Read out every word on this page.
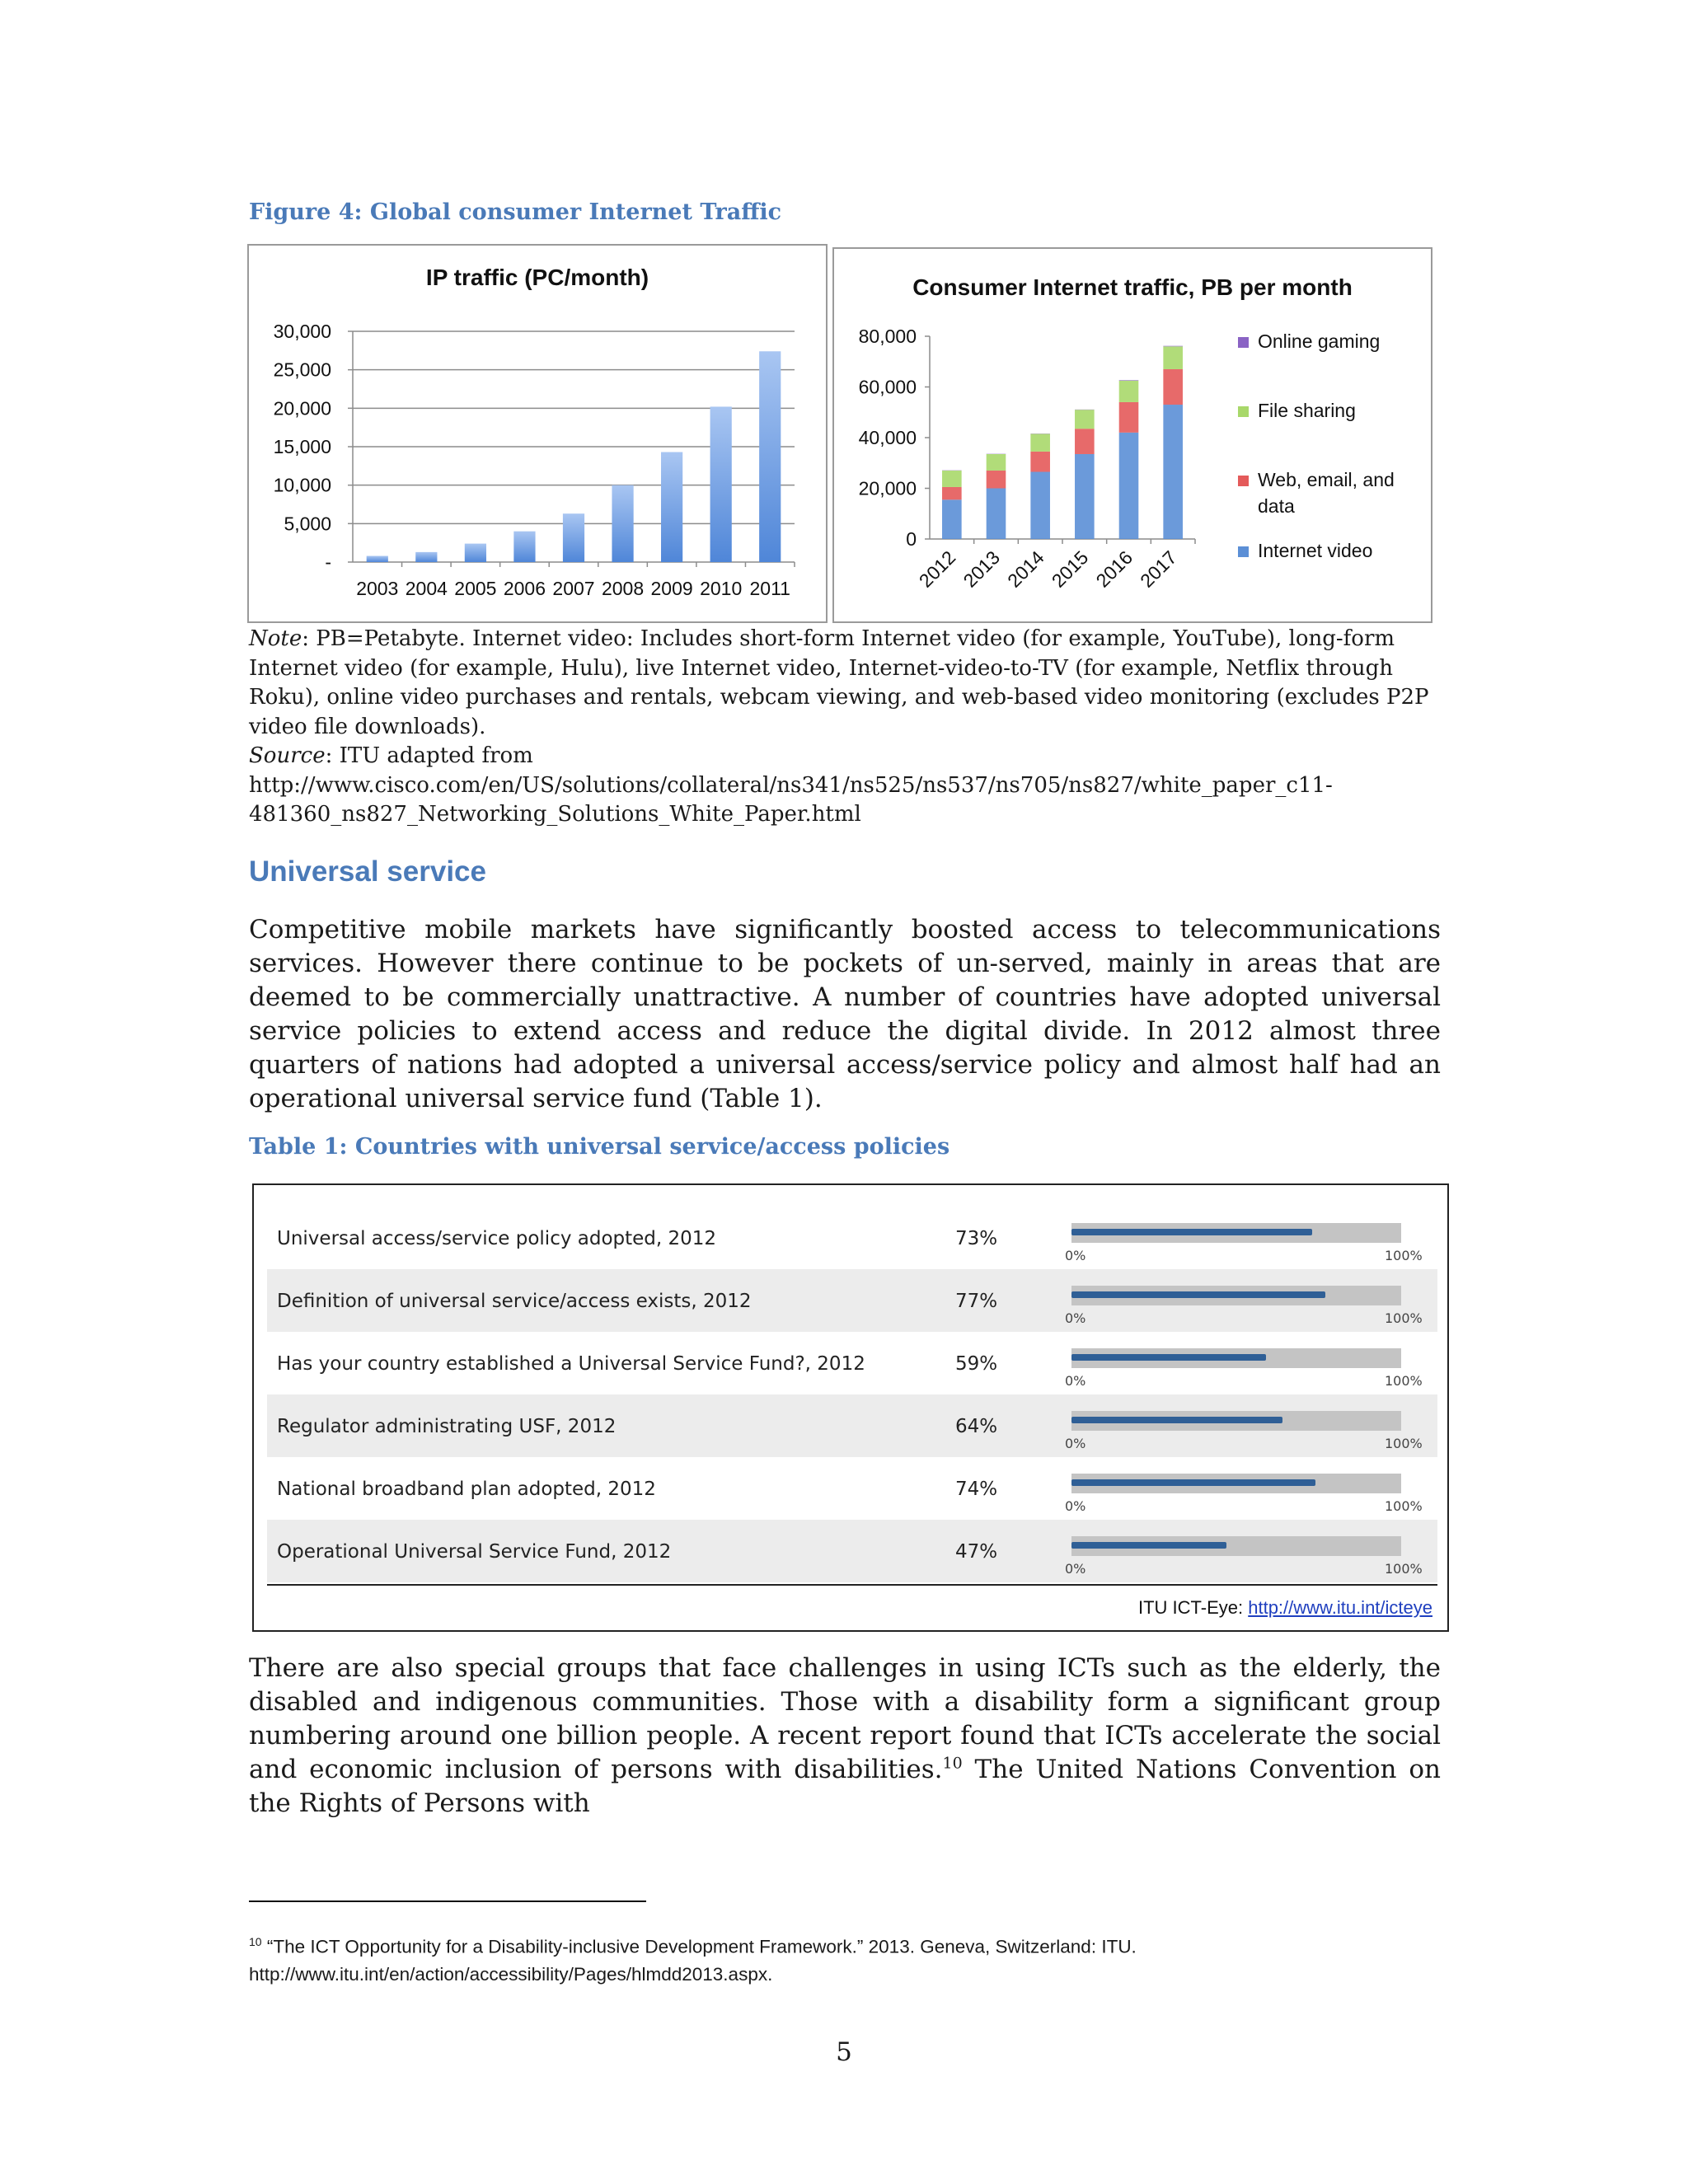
Figure 4: Global consumer Internet Traffic
IP traffic (PC/month)
-
5,000
10,000
15,000
20,000
25,000
30,000
2003 2004 2005 2006 2007 2008 2009 2010 2011
Consumer Internet traffic, PB per month
0
20,000
40,000
60,000
80,000
2012 2013 2014 2015 2016 2017
Online gaming
File sharing
Web, email, and data
Internet video

Note: PB=Petabyte. Internet video: Includes short-form Internet video (for example, YouTube), long-form Internet video (for example, Hulu), live Internet video, Internet-video-to-TV (for example, Netflix through Roku), online video purchases and rentals, webcam viewing, and web-based video monitoring (excludes P2P video file downloads).

Source: ITU adapted from

http://www.cisco.com/en/US/solutions/collateral/ns341/ns525/ns537/ns705/ns827/white_paper_c11-

481360_ns827_Networking_Solutions_White_Paper.html

Universal service

Competitive mobile markets have significantly boosted access to telecommunications services. However there continue to be pockets of un-served, mainly in areas that are deemed to be commercially unattractive. A number of countries have adopted universal service policies to extend access and reduce the digital divide. In 2012 almost three quarters of nations had adopted a universal access/service policy and almost half had an operational universal service fund (Table 1).

Table 1: Countries with universal service/access policies
Universal access/service policy adopted, 2012	73%
0%	100%
Definition of universal service/access exists, 2012	77%
0%	100%
Has your country established a Universal Service Fund?, 2012	59%
0%	100%
Regulator administrating USF, 2012	64%
0%	100%
National broadband plan adopted, 2012	74%
0%	100%
Operational Universal Service Fund, 2012	47%
0%	100%
ITU ICT-Eye: http://www.itu.int/icteye

There are also special groups that face challenges in using ICTs such as the elderly, the disabled and indigenous communities. Those with a disability form a significant group numbering around one billion people. A recent report found that ICTs accelerate the social and economic inclusion of persons with disabilities.$^{10}$ The United Nations Convention on the Rights of Persons with

$^{10}$ “The ICT Opportunity for a Disability-inclusive Development Framework.” 2013. Geneva, Switzerland: ITU.
http://www.itu.int/en/action/accessibility/Pages/hlmdd2013.aspx.
5
